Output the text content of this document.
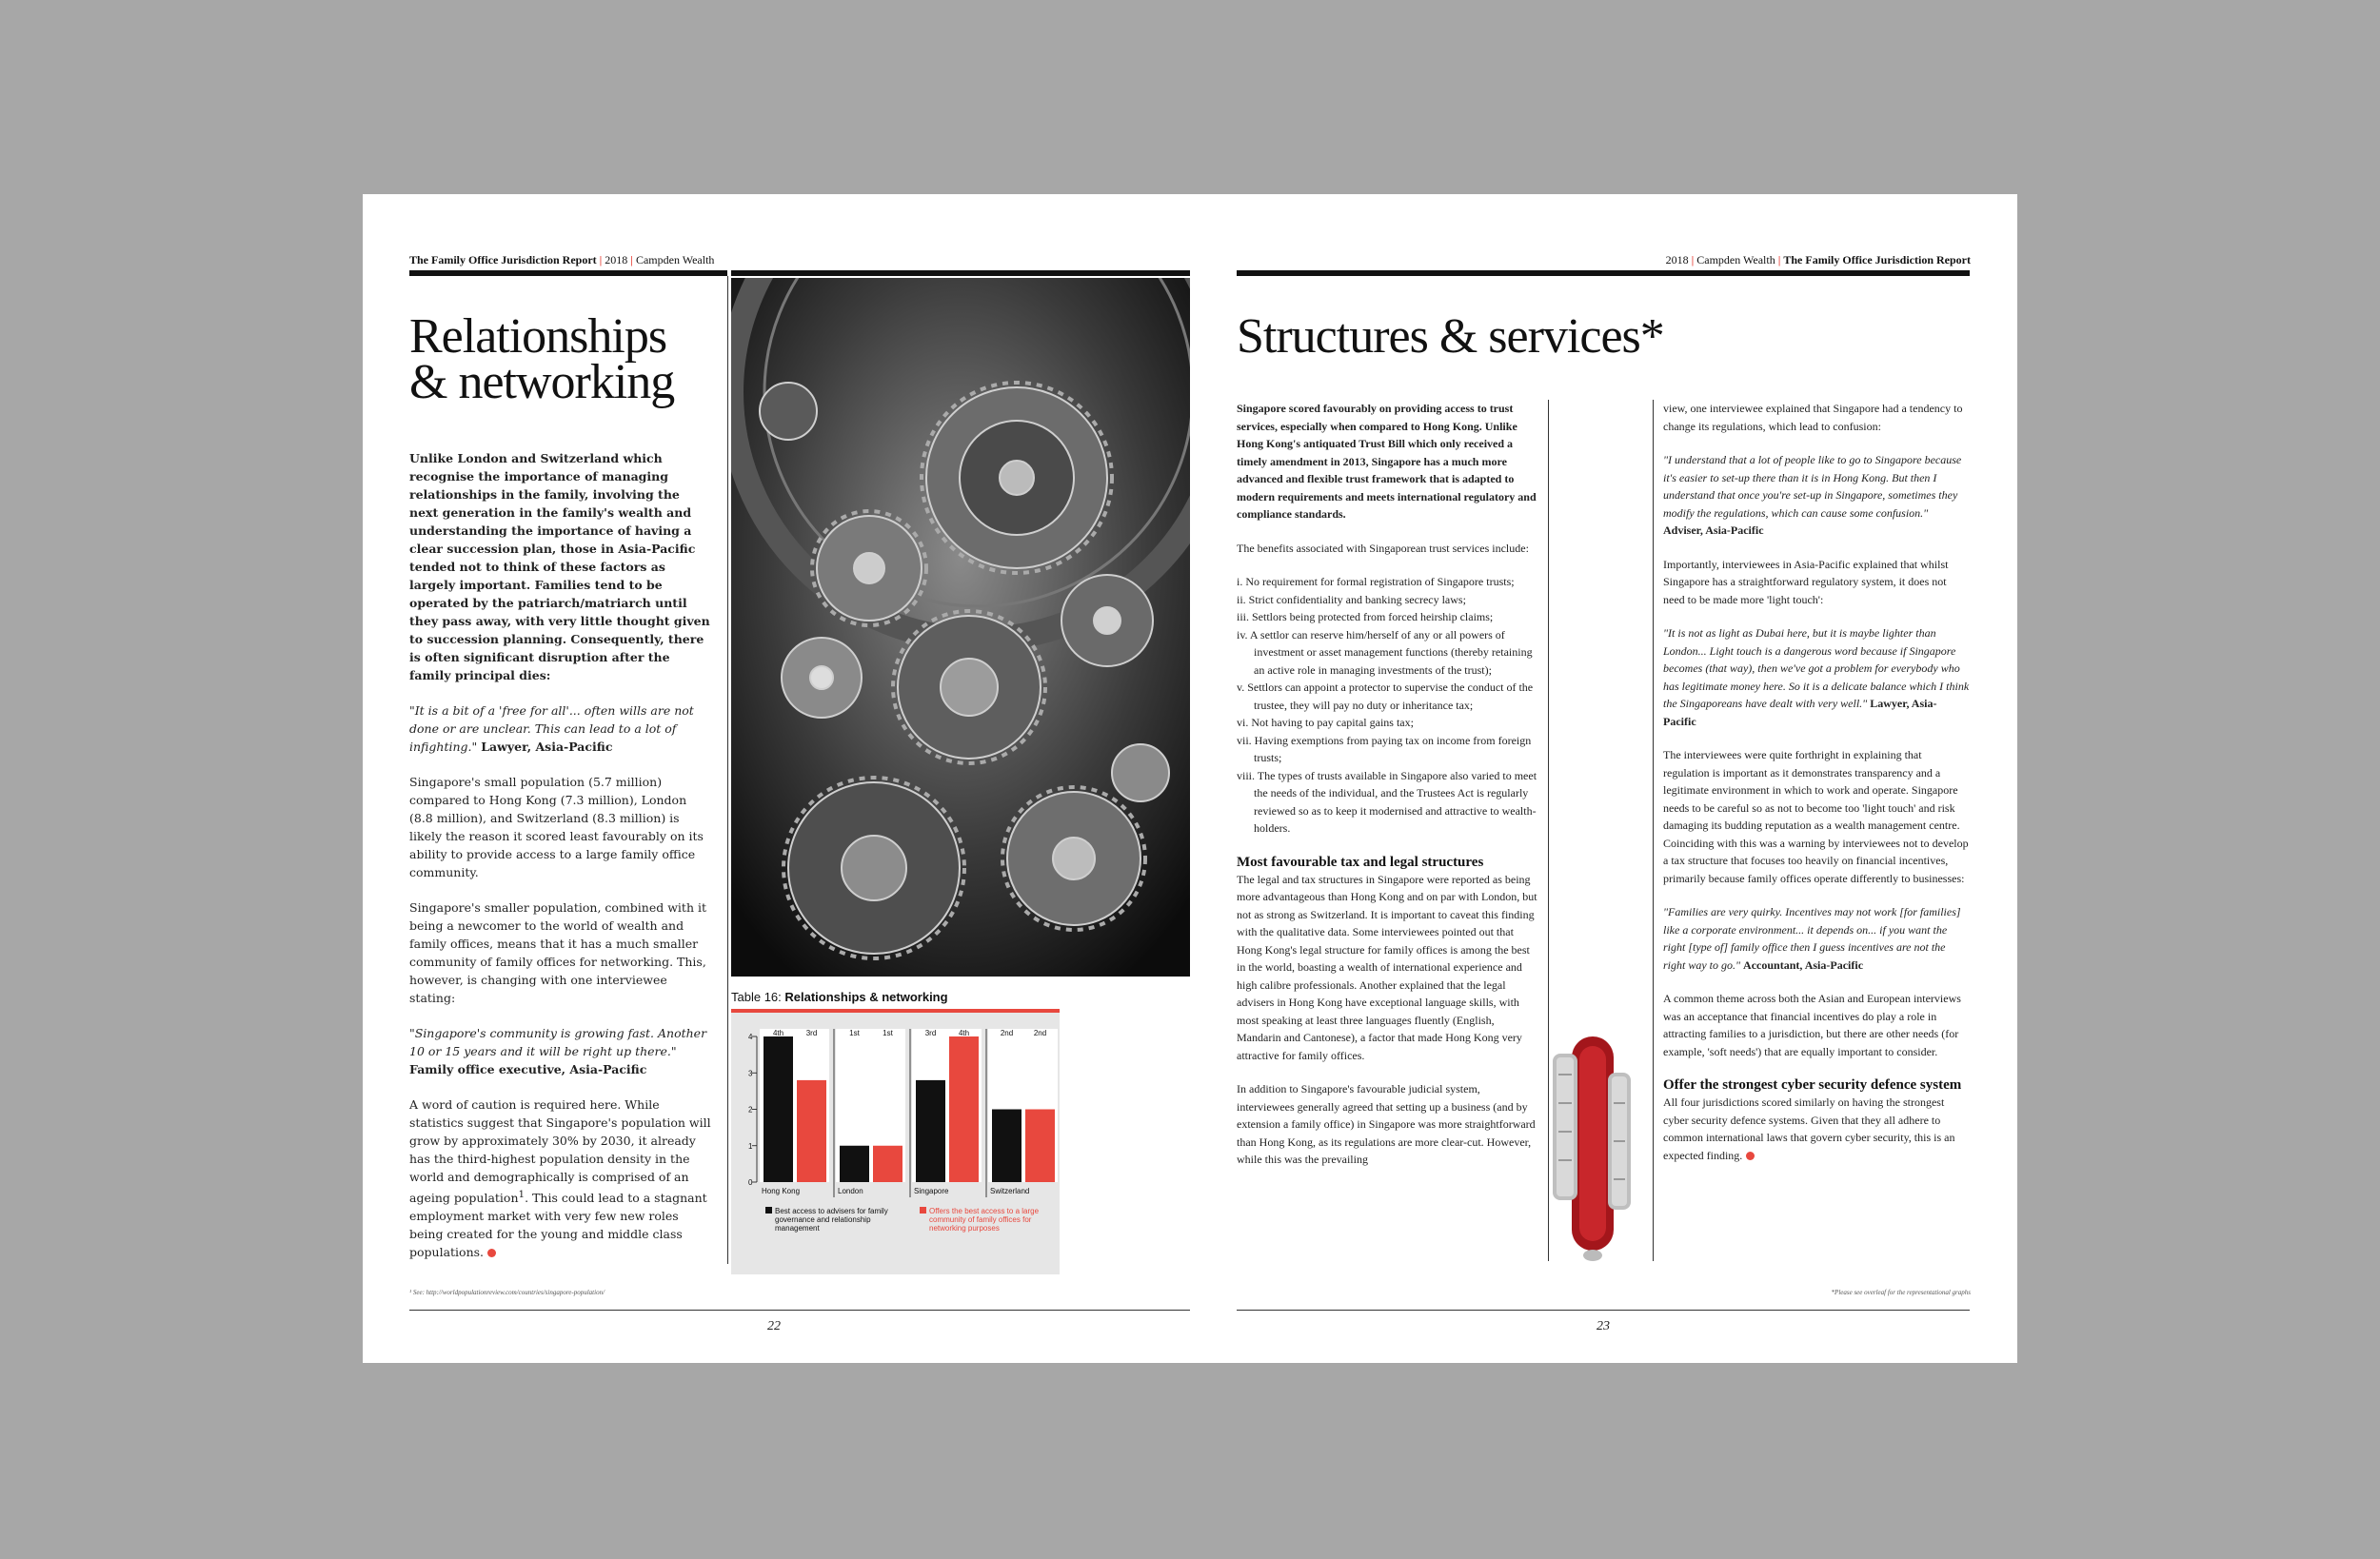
The Family Office Jurisdiction Report | 2018 | Campden Wealth
Relationships
& networking

Unlike London and Switzerland which recognise the importance of managing relationships in the family, involving the next generation in the family's wealth and understanding the importance of having a clear succession plan, those in Asia-Pacific tended not to think of these factors as largely important. Families tend to be operated by the patriarch/matriarch until they pass away, with very little thought given to succession planning. Consequently, there is often significant disruption after the family principal dies:

"It is a bit of a 'free for all'... often wills are not done or are unclear. This can lead to a lot of infighting." Lawyer, Asia-Pacific

Singapore's small population (5.7 million) compared to Hong Kong (7.3 million), London (8.8 million), and Switzerland (8.3 million) is likely the reason it scored least favourably on its ability to provide access to a large family office community.

Singapore's smaller population, combined with it being a newcomer to the world of wealth and family offices, means that it has a much smaller community of family offices for networking. This, however, is changing with one interviewee stating:

"Singapore's community is growing fast. Another 10 or 15 years and it will be right up there." Family office executive, Asia-Pacific

A word of caution is required here. While statistics suggest that Singapore's population will grow by approximately 30% by 2030, it already has the third-highest population density in the world and demographically is comprised of an ageing population$^1$. This could lead to a stagnant employment market with very few new roles being created for the young and middle class populations.

¹ See: http://worldpopulationreview.com/countries/singapore-population/
22
Table 16: Relationships & networking
0
1
2
3
4	4th	3rd
Hong Kong
1st	1st
London
3rd	4th
Singapore
2nd	2nd
Switzerland
Best access to advisers for family
governance and relationship
management
Offers the best access to a large
community of family offices for
networking purposes
2018 | Campden Wealth | The Family Office Jurisdiction Report
Structures & services*

Singapore scored favourably on providing access to trust services, especially when compared to Hong Kong. Unlike Hong Kong's antiquated Trust Bill which only received a timely amendment in 2013, Singapore has a much more advanced and flexible trust framework that is adapted to modern requirements and meets international regulatory and compliance standards.

The benefits associated with Singaporean trust services include:

i. No requirement for formal registration of Singapore trusts;
ii. Strict confidentiality and banking secrecy laws;
iii. Settlors being protected from forced heirship claims;
iv. A settlor can reserve him/herself of any or all powers of investment or asset management functions (thereby retaining an active role in managing investments of the trust);
v. Settlors can appoint a protector to supervise the conduct of the trustee, they will pay no duty or inheritance tax;
vi. Not having to pay capital gains tax;
vii. Having exemptions from paying tax on income from foreign trusts;
viii. The types of trusts available in Singapore also varied to meet the needs of the individual, and the Trustees Act is regularly reviewed so as to keep it modernised and attractive to wealth-holders.
Most favourable tax and legal structures

The legal and tax structures in Singapore were reported as being more advantageous than Hong Kong and on par with London, but not as strong as Switzerland. It is important to caveat this finding with the qualitative data. Some interviewees pointed out that Hong Kong's legal structure for family offices is among the best in the world, boasting a wealth of international experience and high calibre professionals. Another explained that the legal advisers in Hong Kong have exceptional language skills, with most speaking at least three languages fluently (English, Mandarin and Cantonese), a factor that made Hong Kong very attractive for family offices.

In addition to Singapore's favourable judicial system, interviewees generally agreed that setting up a business (and by extension a family office) in Singapore was more straightforward than Hong Kong, as its regulations are more clear-cut. However, while this was the prevailing

view, one interviewee explained that Singapore had a tendency to change its regulations, which lead to confusion:

"I understand that a lot of people like to go to Singapore because it's easier to set-up there than it is in Hong Kong. But then I understand that once you're set-up in Singapore, sometimes they modify the regulations, which can cause some confusion."
Adviser, Asia-Pacific

Importantly, interviewees in Asia-Pacific explained that whilst Singapore has a straightforward regulatory system, it does not need to be made more 'light touch':

"It is not as light as Dubai here, but it is maybe lighter than London... Light touch is a dangerous word because if Singapore becomes (that way), then we've got a problem for everybody who has legitimate money here. So it is a delicate balance which I think the Singaporeans have dealt with very well." Lawyer, Asia-Pacific

The interviewees were quite forthright in explaining that regulation is important as it demonstrates transparency and a legitimate environment in which to work and operate. Singapore needs to be careful so as not to become too 'light touch' and risk damaging its budding reputation as a wealth management centre. Coinciding with this was a warning by interviewees not to develop a tax structure that focuses too heavily on financial incentives, primarily because family offices operate differently to businesses:

"Families are very quirky. Incentives may not work [for families] like a corporate environment... it depends on... if you want the right [type of] family office then I guess incentives are not the right way to go." Accountant, Asia-Pacific

A common theme across both the Asian and European interviews was an acceptance that financial incentives do play a role in attracting families to a jurisdiction, but there are other needs (for example, 'soft needs') that are equally important to consider.

Offer the strongest cyber security defence system

All four jurisdictions scored similarly on having the strongest cyber security defence systems. Given that they all adhere to common international laws that govern cyber security, this is an expected finding.

*Please see overleaf for the representational graphs
23
